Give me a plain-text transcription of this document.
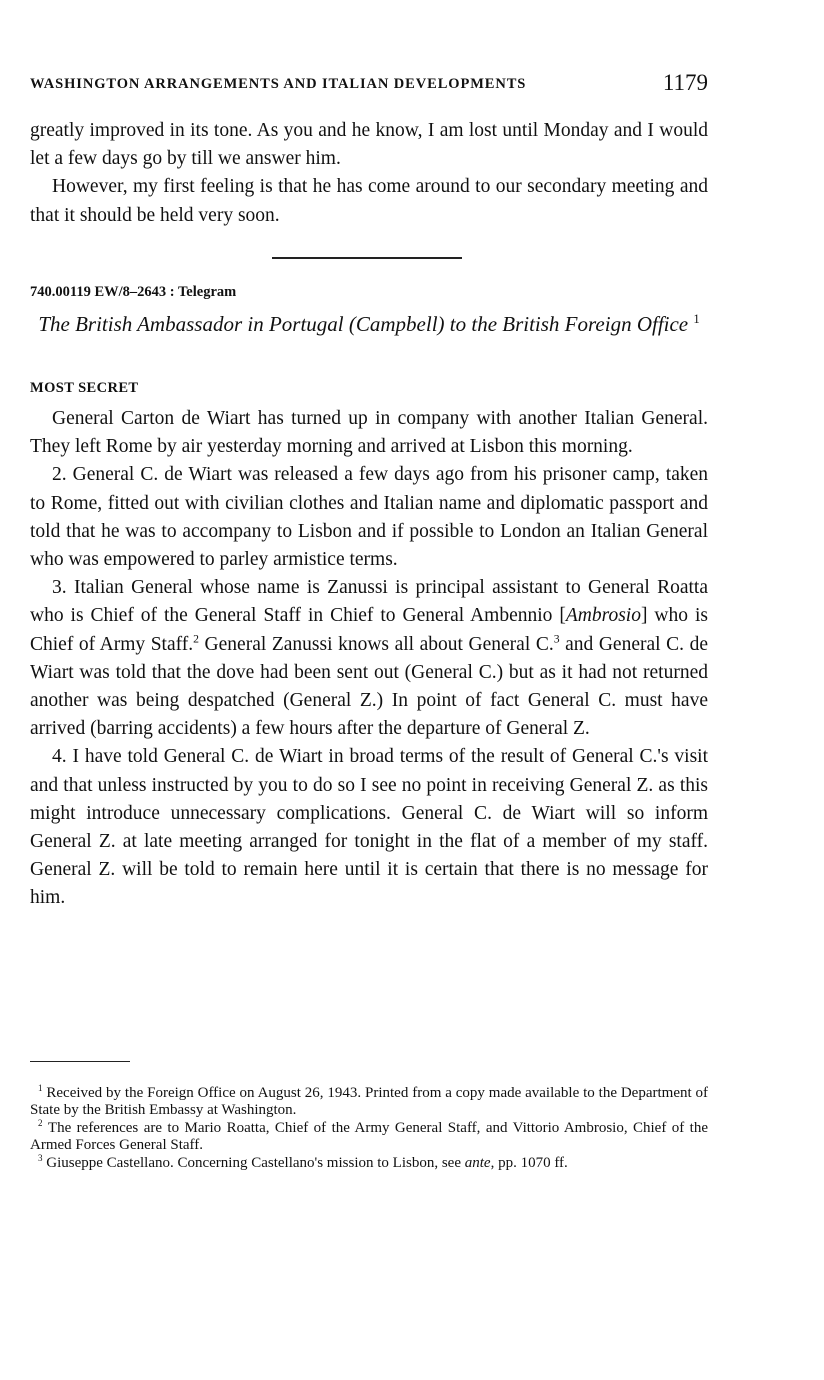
WASHINGTON ARRANGEMENTS AND ITALIAN DEVELOPMENTS	1179

greatly improved in its tone. As you and he know, I am lost until Monday and I would let a few days go by till we answer him.

However, my first feeling is that he has come around to our secondary meeting and that it should be held very soon.

740.00119 EW/8–2643 : Telegram
The British Ambassador in Portugal (Campbell) to the British Foreign Office $^1$
MOST SECRET

General Carton de Wiart has turned up in company with another Italian General. They left Rome by air yesterday morning and arrived at Lisbon this morning.

2. General C. de Wiart was released a few days ago from his prisoner camp, taken to Rome, fitted out with civilian clothes and Italian name and diplomatic passport and told that he was to accompany to Lisbon and if possible to London an Italian General who was empowered to parley armistice terms.

3. Italian General whose name is Zanussi is principal assistant to General Roatta who is Chief of the General Staff in Chief to General Ambennio [Ambrosio] who is Chief of Army Staff.$^2$ General Zanussi knows all about General C.$^3$ and General C. de Wiart was told that the dove had been sent out (General C.) but as it had not returned another was being despatched (General Z.) In point of fact General C. must have arrived (barring accidents) a few hours after the departure of General Z.

4. I have told General C. de Wiart in broad terms of the result of General C.'s visit and that unless instructed by you to do so I see no point in receiving General Z. as this might introduce unnecessary complications. General C. de Wiart will so inform General Z. at late meeting arranged for tonight in the flat of a member of my staff. General Z. will be told to remain here until it is certain that there is no message for him.

$^1$ Received by the Foreign Office on August 26, 1943. Printed from a copy made available to the Department of State by the British Embassy at Washington.

$^2$ The references are to Mario Roatta, Chief of the Army General Staff, and Vittorio Ambrosio, Chief of the Armed Forces General Staff.

$^3$ Giuseppe Castellano. Concerning Castellano's mission to Lisbon, see ante, pp. 1070 ff.
